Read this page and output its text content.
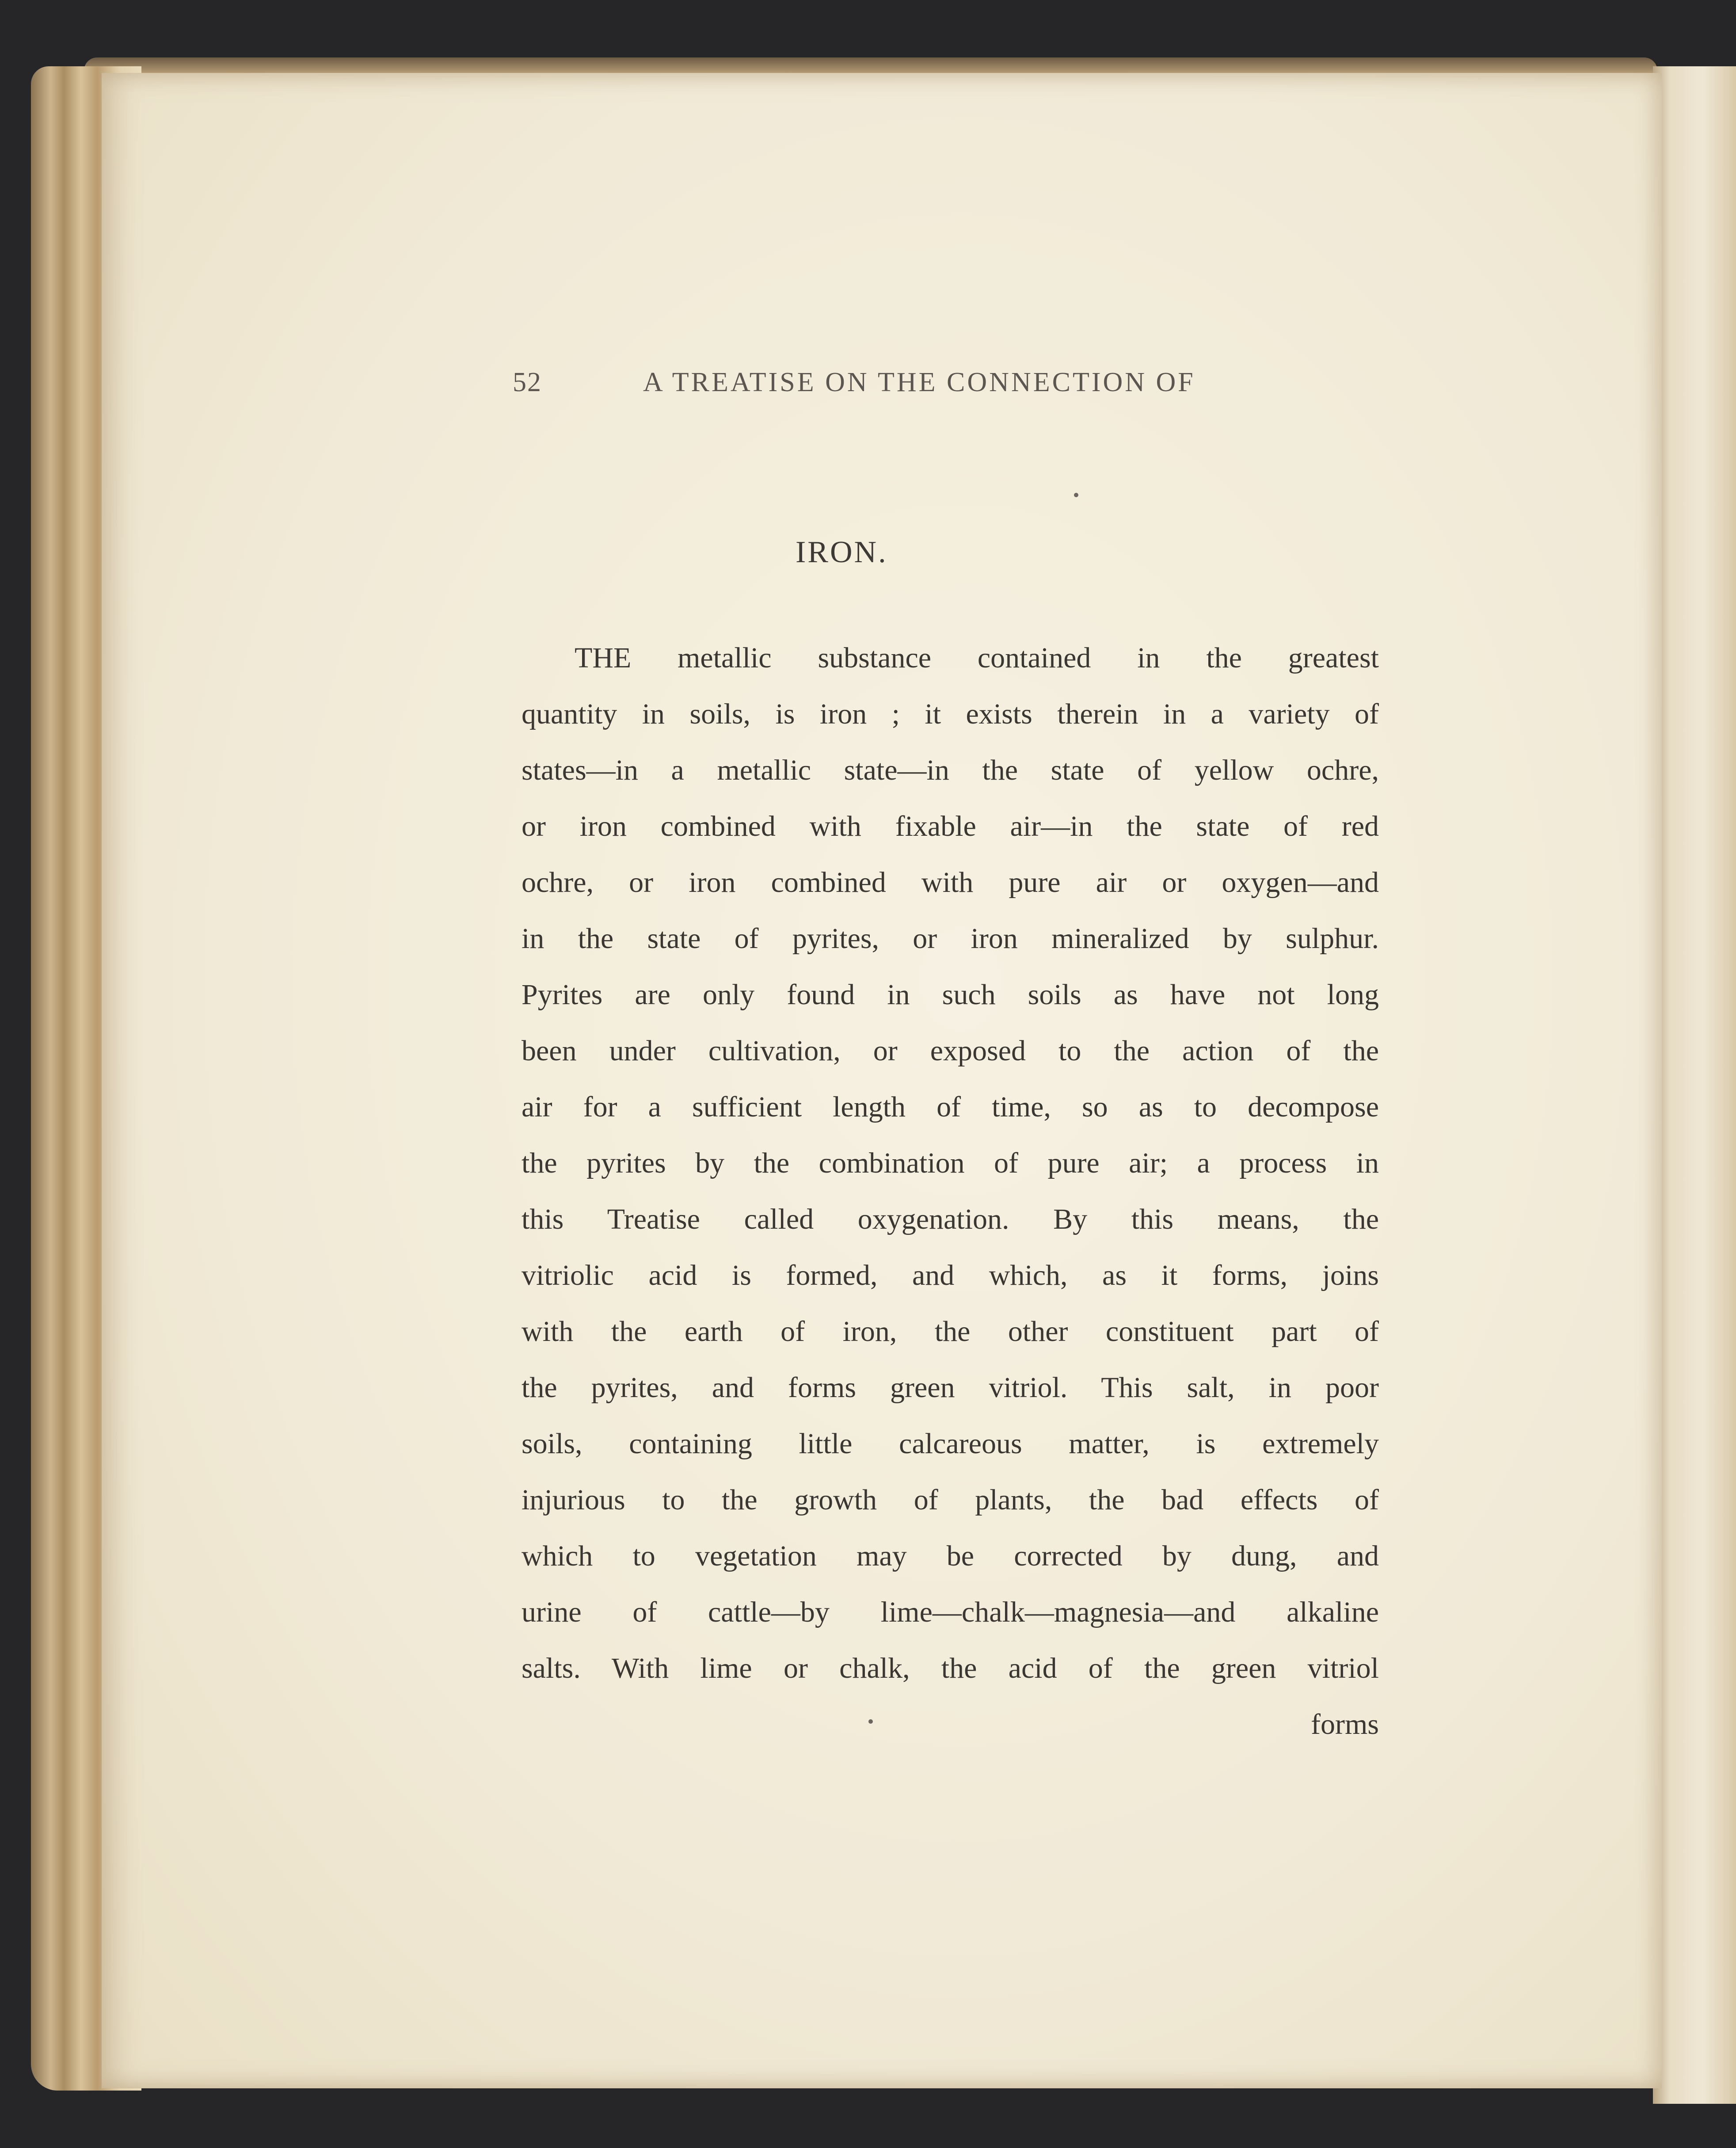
52	A TREATISE ON THE CONNECTION OF
IRON.
THE metallic substance contained in the greatest
quantity in soils, is iron ; it exists therein in a variety of
states—in a metallic state—in the state of yellow ochre,
or iron combined with fixable air—in the state of red
ochre, or iron combined with pure air or oxygen—and
in the state of pyrites, or iron mineralized by sulphur.
Pyrites are only found in such soils as have not long
been under cultivation, or exposed to the action of the
air for a sufficient length of time, so as to decompose
the pyrites by the combination of pure air; a process in
this Treatise called oxygenation. By this means, the
vitriolic acid is formed, and which, as it forms, joins
with the earth of iron, the other constituent part of
the pyrites, and forms green vitriol. This salt, in poor
soils, containing little calcareous matter, is extremely
injurious to the growth of plants, the bad effects of
which to vegetation may be corrected by dung, and
urine of cattle—by lime—chalk—magnesia—and alkaline
salts. With lime or chalk, the acid of the green vitriol
forms
